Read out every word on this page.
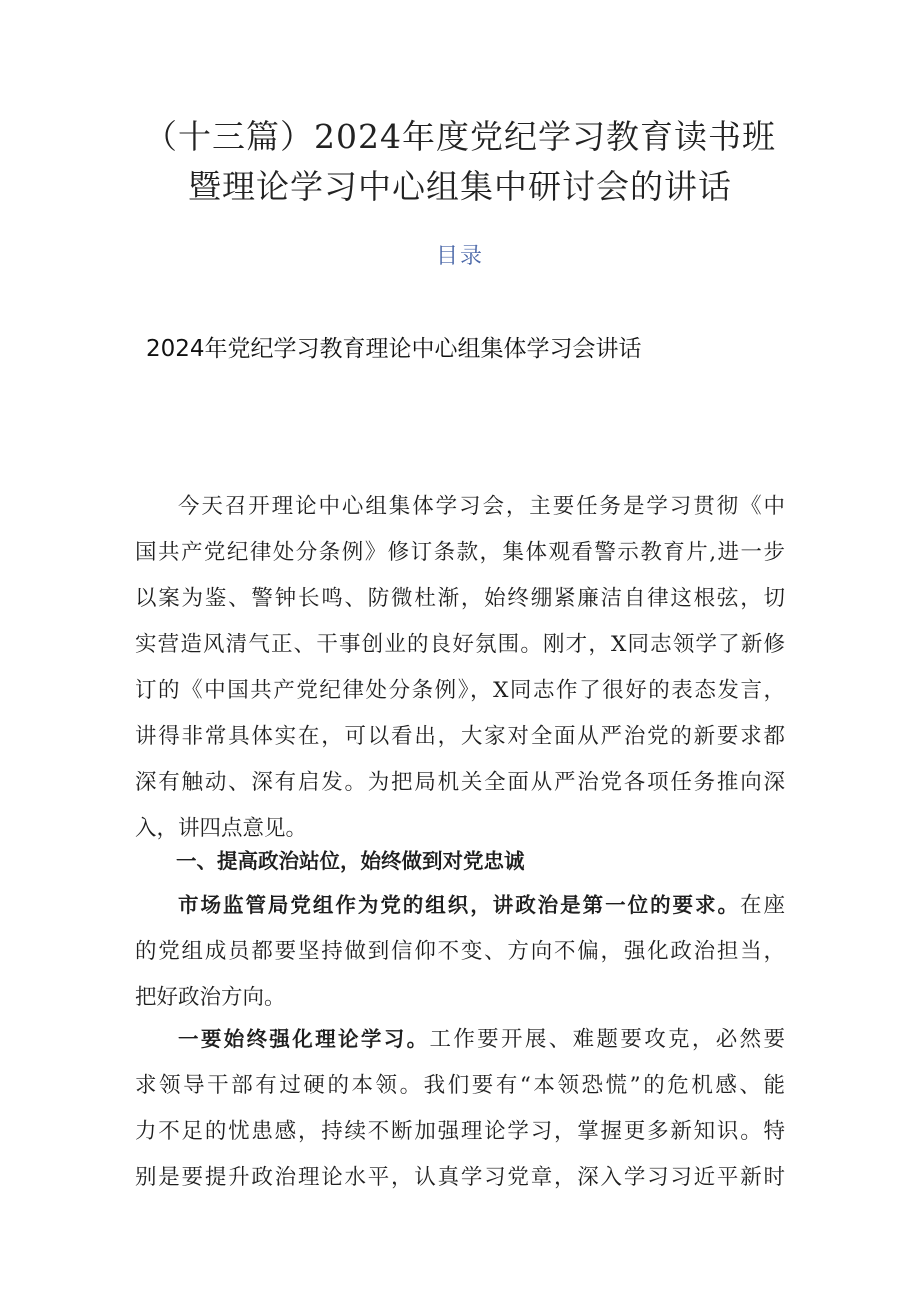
（十三篇）2024年度党纪学习教育读书班
暨理论学习中心组集中研讨会的讲话
目录
2024年党纪学习教育理论中心组集体学习会讲话
今天召开理论中心组集体学习会，主要任务是学习贯彻《中
国共产党纪律处分条例》修订条款，集体观看警示教育片,进一步
以案为鉴、警钟长鸣、防微杜渐，始终绷紧廉洁自律这根弦，切
实营造风清气正、干事创业的良好氛围。刚才，X同志领学了新修
订的《中国共产党纪律处分条例》，X同志作了很好的表态发言，
讲得非常具体实在，可以看出，大家对全面从严治党的新要求都
深有触动、深有启发。为把局机关全面从严治党各项任务推向深
入，讲四点意见。
一、提高政治站位，始终做到对党忠诚
市场监管局党组作为党的组织，讲政治是第一位的要求。在座
的党组成员都要坚持做到信仰不变、方向不偏，强化政治担当，
把好政治方向。
一要始终强化理论学习。工作要开展、难题要攻克，必然要
求领导干部有过硬的本领。我们要有“本领恐慌”的危机感、能
力不足的忧患感，持续不断加强理论学习，掌握更多新知识。特
别是要提升政治理论水平，认真学习党章，深入学习习近平新时
